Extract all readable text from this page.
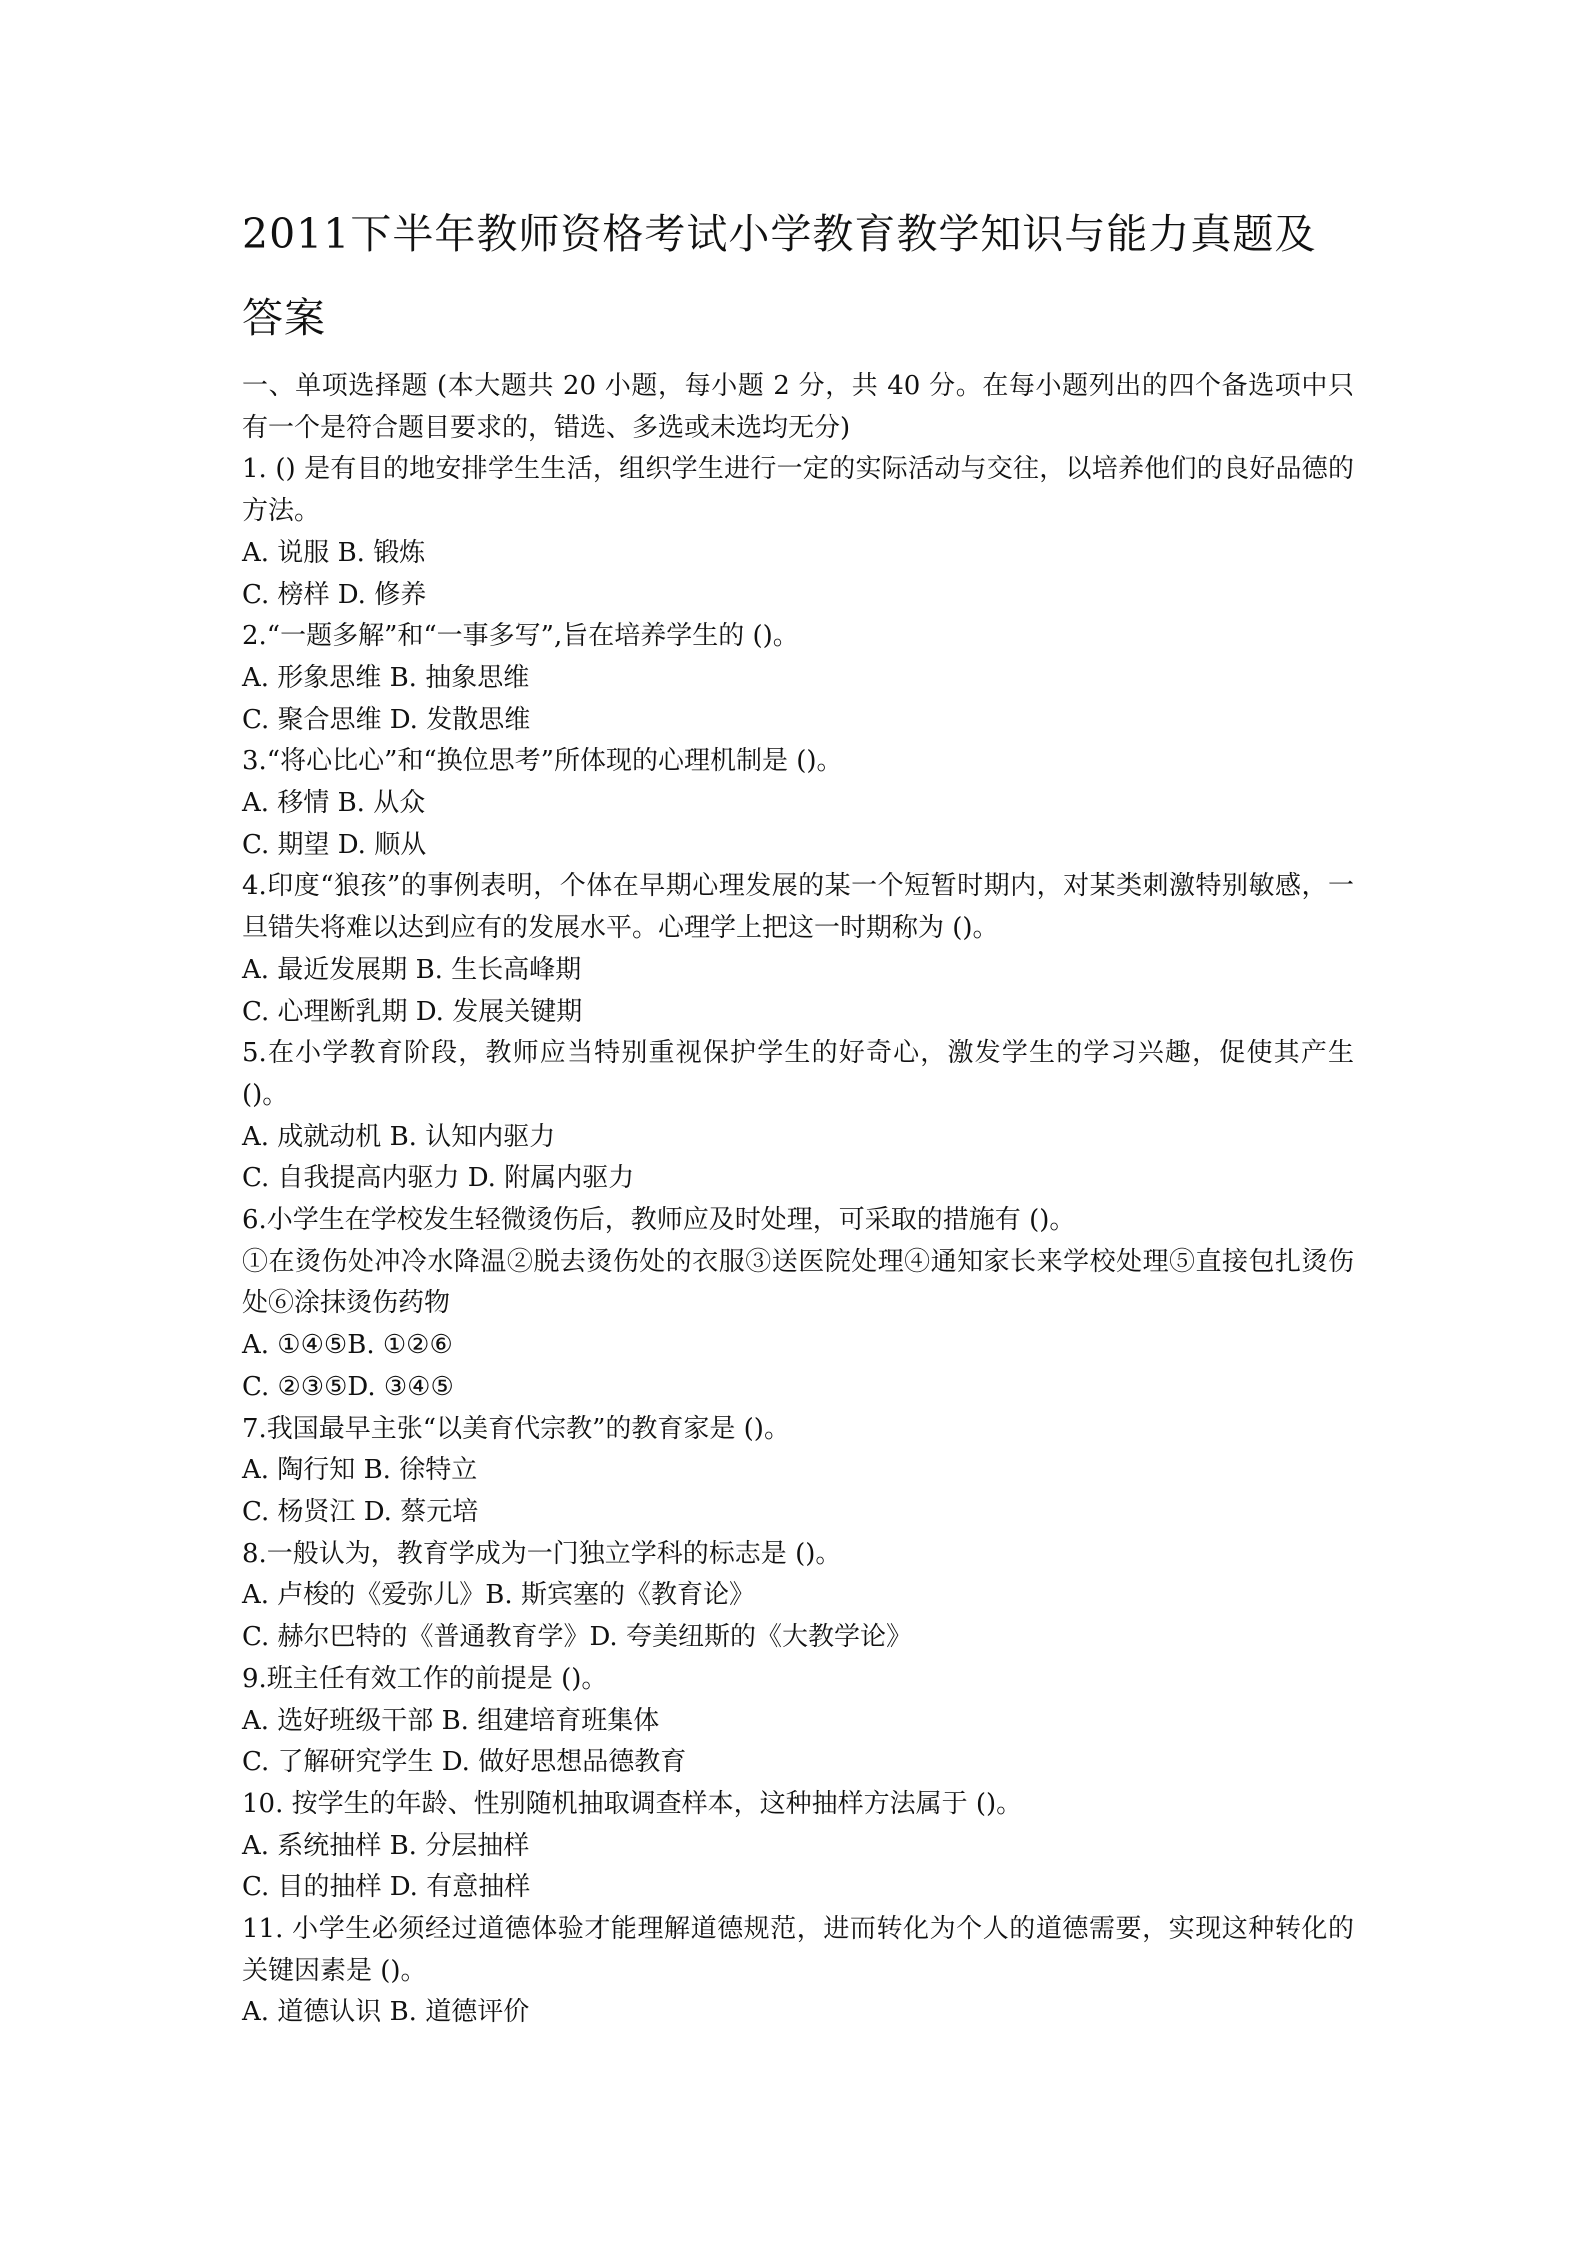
2011下半年教师资格考试小学教育教学知识与能力真题及答案
一、单项选择题 (本大题共 20 小题，每小题 2 分，共 40 分。在每小题列出的四个备选项中只有一个是符合题目要求的，错选、多选或未选均无分)
1. () 是有目的地安排学生生活，组织学生进行一定的实际活动与交往，以培养他们的良好品德的方法。
A. 说服 B. 锻炼
C. 榜样 D. 修养
2.“一题多解”和“一事多写”,旨在培养学生的 ()。
A. 形象思维 B. 抽象思维
C. 聚合思维 D. 发散思维
3.“将心比心”和“换位思考”所体现的心理机制是 ()。
A. 移情 B. 从众
C. 期望 D. 顺从
4.印度“狼孩”的事例表明，个体在早期心理发展的某一个短暂时期内，对某类刺激特别敏感，一旦错失将难以达到应有的发展水平。心理学上把这一时期称为 ()。
A. 最近发展期 B. 生长高峰期
C. 心理断乳期 D. 发展关键期
5.在小学教育阶段，教师应当特别重视保护学生的好奇心，激发学生的学习兴趣，促使其产生 ()。
A. 成就动机 B. 认知内驱力
C. 自我提高内驱力 D. 附属内驱力
6.小学生在学校发生轻微烫伤后，教师应及时处理，可采取的措施有 ()。
①在烫伤处冲冷水降温②脱去烫伤处的衣服③送医院处理④通知家长来学校处理⑤直接包扎烫伤处⑥涂抹烫伤药物
A. ①④⑤B. ①②⑥
C. ②③⑤D. ③④⑤
7.我国最早主张“以美育代宗教”的教育家是 ()。
A. 陶行知 B. 徐特立
C. 杨贤江 D. 蔡元培
8.一般认为，教育学成为一门独立学科的标志是 ()。
A. 卢梭的《爱弥儿》B. 斯宾塞的《教育论》
C. 赫尔巴特的《普通教育学》D. 夸美纽斯的《大教学论》
9.班主任有效工作的前提是 ()。
A. 选好班级干部 B. 组建培育班集体
C. 了解研究学生 D. 做好思想品德教育
10. 按学生的年龄、性别随机抽取调查样本，这种抽样方法属于 ()。
A. 系统抽样 B. 分层抽样
C. 目的抽样 D. 有意抽样
11. 小学生必须经过道德体验才能理解道德规范，进而转化为个人的道德需要，实现这种转化的关键因素是 ()。
A. 道德认识 B. 道德评价
